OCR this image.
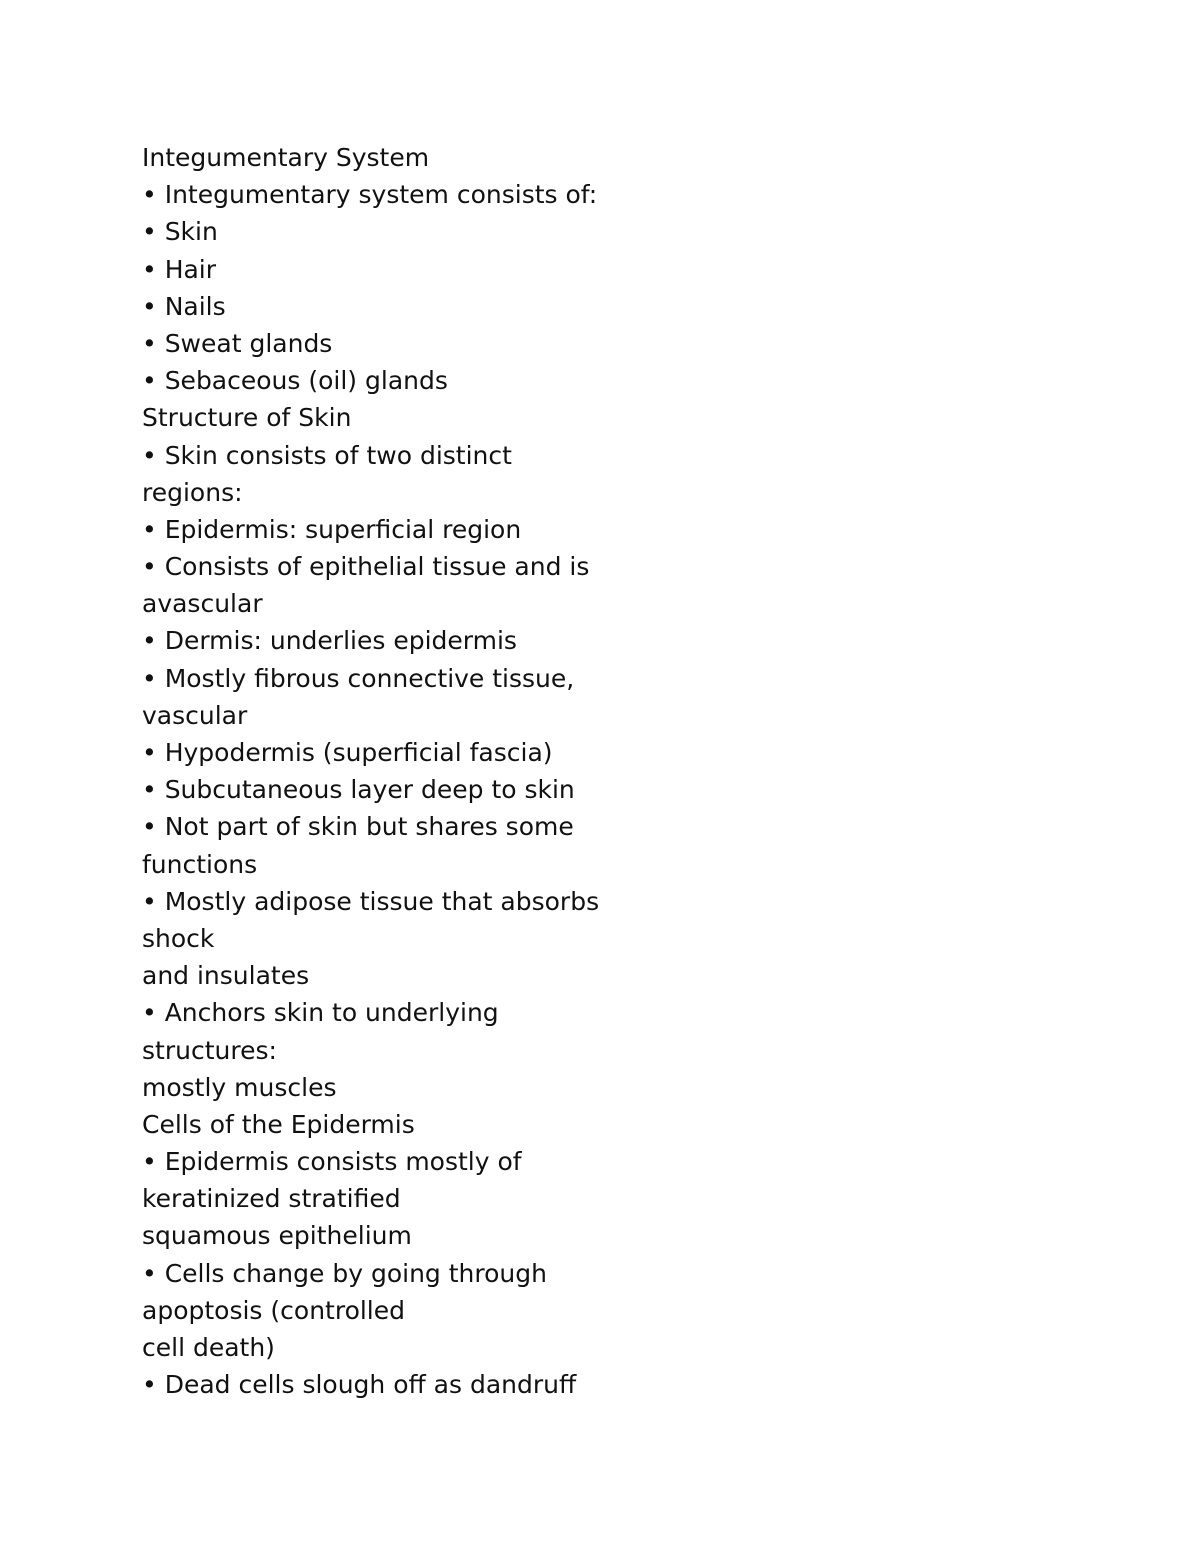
Integumentary System
• Integumentary system consists of:
• Skin
• Hair
• Nails
• Sweat glands
• Sebaceous (oil) glands
Structure of Skin
• Skin consists of two distinct
regions:
• Epidermis: superficial region
• Consists of epithelial tissue and is
avascular
• Dermis: underlies epidermis
• Mostly fibrous connective tissue,
vascular
• Hypodermis (superficial fascia)
• Subcutaneous layer deep to skin
• Not part of skin but shares some
functions
• Mostly adipose tissue that absorbs
shock
and insulates
• Anchors skin to underlying
structures:
mostly muscles
Cells of the Epidermis
• Epidermis consists mostly of
keratinized stratified
squamous epithelium
• Cells change by going through
apoptosis (controlled
cell death)
• Dead cells slough off as dandruff
